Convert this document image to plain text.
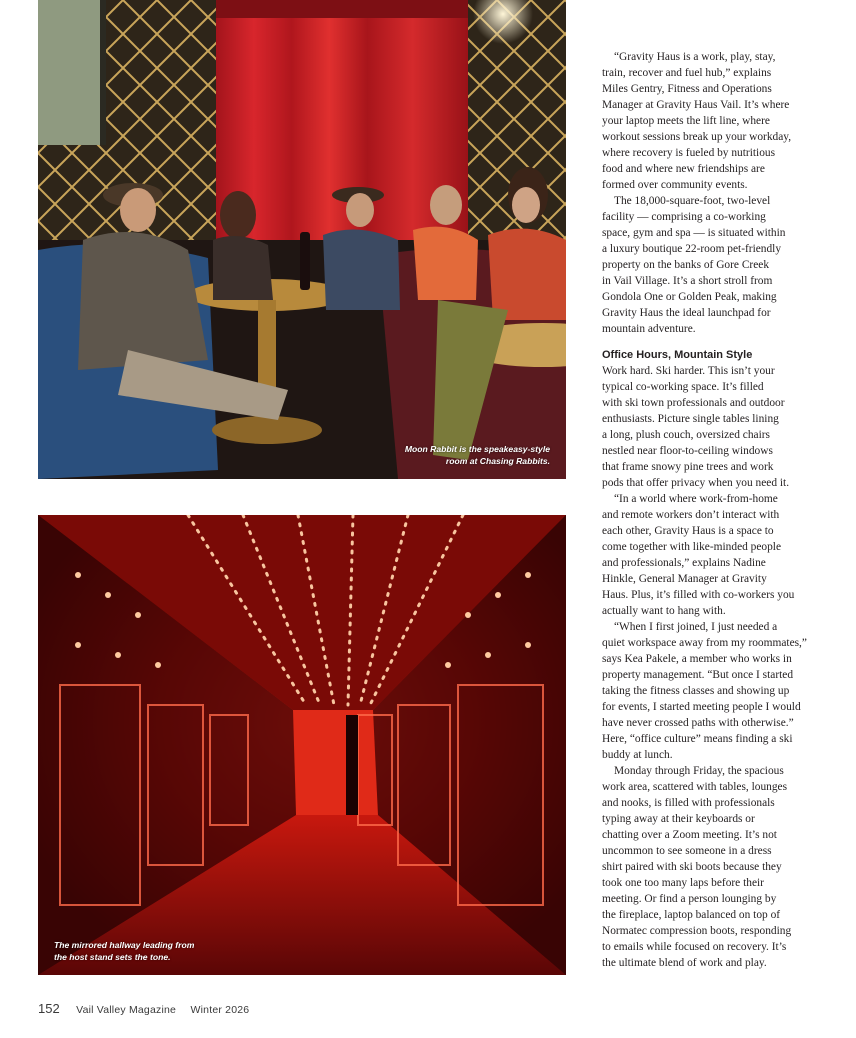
Moon Rabbit is the speakeasy-style
room at Chasing Rabbits.
The mirrored hallway leading from
the host stand sets the tone.
“Gravity Haus is a work, play, stay,
train, recover and fuel hub,” explains
Miles Gentry, Fitness and Operations
Manager at Gravity Haus Vail. It’s where
your laptop meets the lift line, where
workout sessions break up your workday,
where recovery is fueled by nutritious
food and where new friendships are
formed over community events.
The 18,000-square-foot, two-level
facility — comprising a co-working
space, gym and spa — is situated within
a luxury boutique 22-room pet-friendly
property on the banks of Gore Creek
in Vail Village. It’s a short stroll from
Gondola One or Golden Peak, making
Gravity Haus the ideal launchpad for
mountain adventure.
Office Hours, Mountain Style
Work hard. Ski harder. This isn’t your
typical co-working space. It’s filled
with ski town professionals and outdoor
enthusiasts. Picture single tables lining
a long, plush couch, oversized chairs
nestled near floor-to-ceiling windows
that frame snowy pine trees and work
pods that offer privacy when you need it.
“In a world where work-from-home
and remote workers don’t interact with
each other, Gravity Haus is a space to
come together with like-minded people
and professionals,” explains Nadine
Hinkle, General Manager at Gravity
Haus. Plus, it’s filled with co-workers you
actually want to hang with.
“When I first joined, I just needed a
quiet workspace away from my roommates,”
says Kea Pakele, a member who works in
property management. “But once I started
taking the fitness classes and showing up
for events, I started meeting people I would
have never crossed paths with otherwise.”
Here, “office culture” means finding a ski
buddy at lunch.
Monday through Friday, the spacious
work area, scattered with tables, lounges
and nooks, is filled with professionals
typing away at their keyboards or
chatting over a Zoom meeting. It’s not
uncommon to see someone in a dress
shirt paired with ski boots because they
took one too many laps before their
meeting. Or find a person lounging by
the fireplace, laptop balanced on top of
Normatec compression boots, responding
to emails while focused on recovery. It’s
the ultimate blend of work and play.
152 Vail Valley Magazine Winter 2026
